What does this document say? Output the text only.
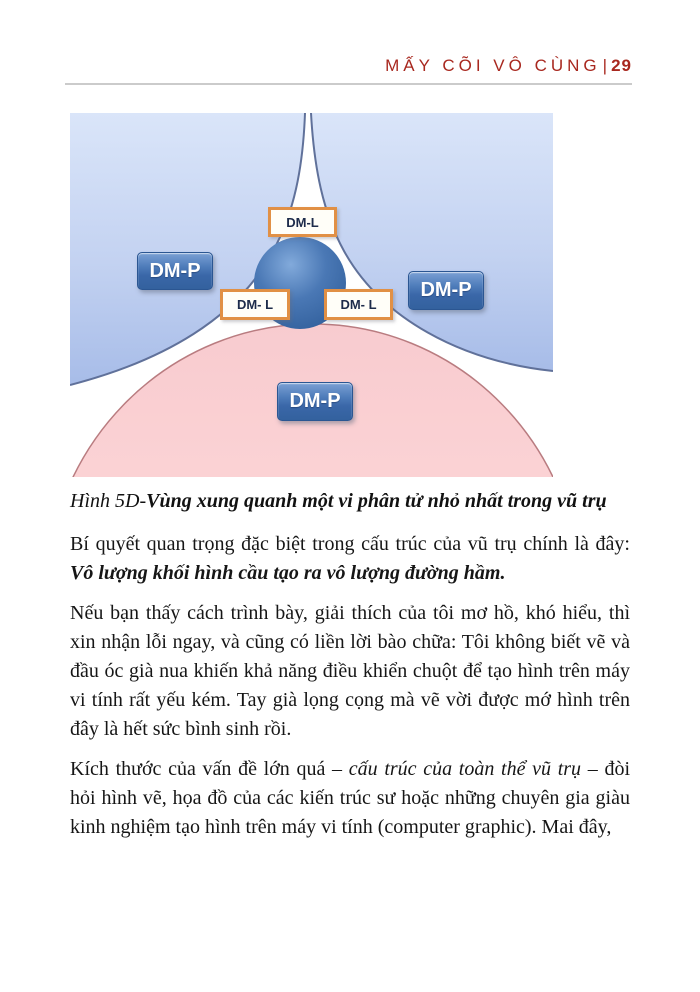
MẤY CÕI VÔ CÙNG | 29
DM-L
DM-P
DM-P
DM- L	DM- L
DM-P

Hình 5D-Vùng xung quanh một vi phân tử nhỏ nhất trong vũ trụ

Bí quyết quan trọng đặc biệt trong cấu trúc của vũ trụ chính là đây: Vô lượng khối hình cầu tạo ra vô lượng đường hầm.

Nếu bạn thấy cách trình bày, giải thích của tôi mơ hồ, khó hiểu, thì xin nhận lỗi ngay, và cũng có liền lời bào chữa: Tôi không biết vẽ và đầu óc già nua khiến khả năng điều khiển chuột để tạo hình trên máy vi tính rất yếu kém. Tay già lọng cọng mà vẽ vời được mớ hình trên đây là hết sức bình sinh rồi.

Kích thước của vấn đề lớn quá – cấu trúc của toàn thể vũ trụ – đòi hỏi hình vẽ, họa đồ của các kiến trúc sư hoặc những chuyên gia giàu kinh nghiệm tạo hình trên máy vi tính (computer graphic). Mai đây,
